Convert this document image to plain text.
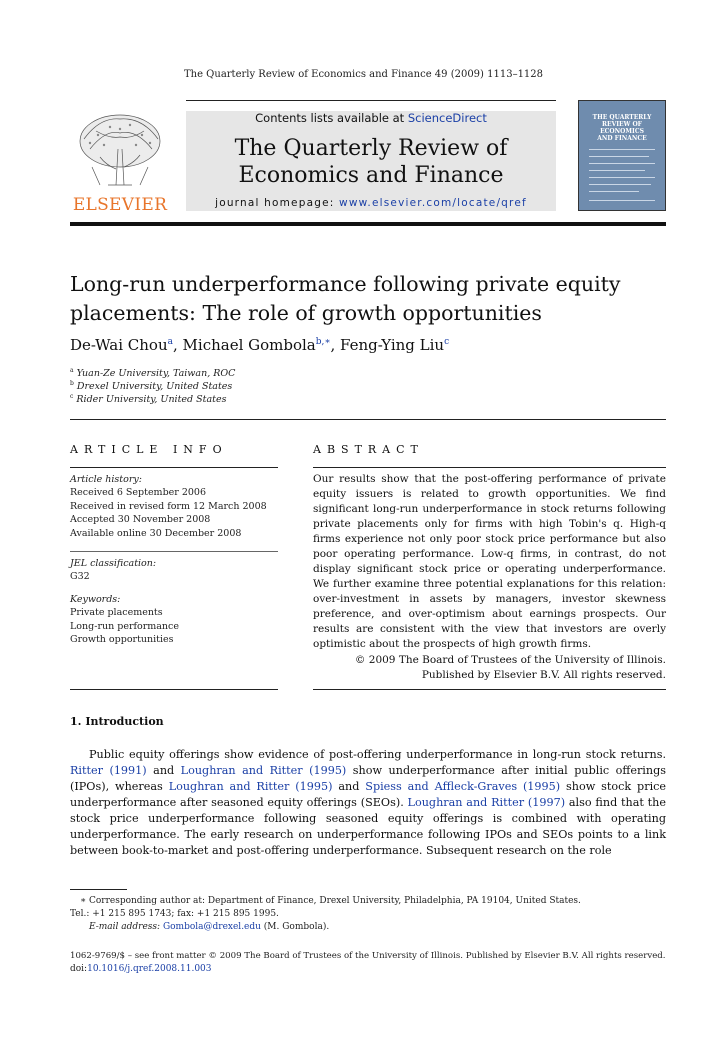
The Quarterly Review of Economics and Finance 49 (2009) 1113–1128
ELSEVIER
Contents lists available at ScienceDirect
The Quarterly Review of
Economics and Finance
journal homepage: www.elsevier.com/locate/qref
THE QUARTERLY
REVIEW OF
ECONOMICS
AND FINANCE
Long-run underperformance following private equity
placements: The role of growth opportunities
De-Wai Chou$^a$, Michael Gombola$^{b,∗}$, Feng-Ying Liu$^c$
$^a$ Yuan-Ze University, Taiwan, ROC
$^b$ Drexel University, United States
$^c$ Rider University, United States
ARTICLE INFO
Article history:
Received 6 September 2006
Received in revised form 12 March 2008
Accepted 30 November 2008
Available online 30 December 2008
JEL classification:
G32
Keywords:
Private placements
Long-run performance
Growth opportunities
ABSTRACT
Our results show that the post-offering performance of private equity issuers is related to growth opportunities. We find significant long-run underperformance in stock returns following private placements only for firms with high Tobin's q. High-q firms experience not only poor stock price performance but also poor operating performance. Low-q firms, in contrast, do not display significant stock price or operating underperformance. We further examine three potential explanations for this relation: over-investment in assets by managers, investor skewness preference, and over-optimism about earnings prospects. Our results are consistent with the view that investors are overly optimistic about the prospects of high growth firms.
© 2009 The Board of Trustees of the University of Illinois.
Published by Elsevier B.V. All rights reserved.
1. Introduction
Public equity offerings show evidence of post-offering underperformance in long-run stock returns. Ritter (1991) and Loughran and Ritter (1995) show underperformance after initial public offerings (IPOs), whereas Loughran and Ritter (1995) and Spiess and Affleck-Graves (1995) show stock price underperformance after seasoned equity offerings (SEOs). Loughran and Ritter (1997) also find that the stock price underperformance following seasoned equity offerings is combined with operating underperformance. The early research on underperformance following IPOs and SEOs points to a link between book-to-market and post-offering underperformance. Subsequent research on the role
∗ Corresponding author at: Department of Finance, Drexel University, Philadelphia, PA 19104, United States.
Tel.: +1 215 895 1743; fax: +1 215 895 1995.
E-mail address: Gombola@drexel.edu (M. Gombola).
1062-9769/$ – see front matter © 2009 The Board of Trustees of the University of Illinois. Published by Elsevier B.V. All rights reserved.
doi:10.1016/j.qref.2008.11.003
